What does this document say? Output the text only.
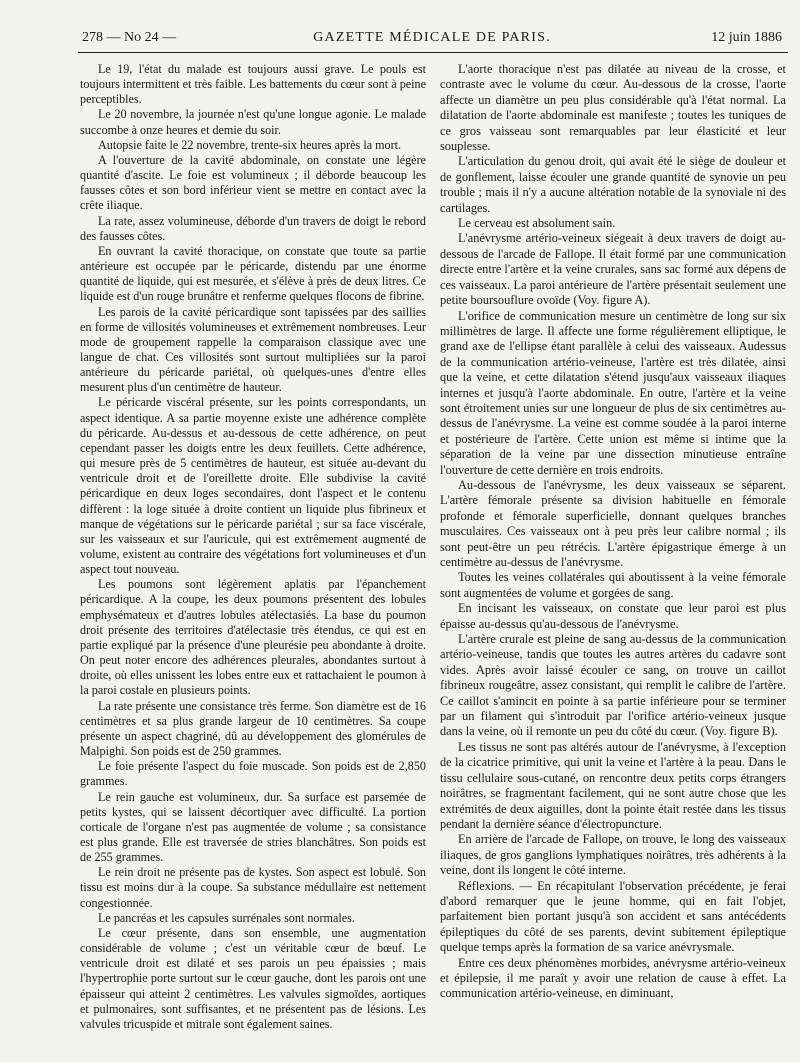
278 — No 24 —	GAZETTE MÉDICALE DE PARIS.	12 juin 1886

Le 19, l'état du malade est toujours aussi grave. Le pouls est toujours intermittent et très faible. Les battements du cœur sont à peine perceptibles.

Le 20 novembre, la journée n'est qu'une longue agonie. Le malade succombe à onze heures et demie du soir.

Autopsie faite le 22 novembre, trente-six heures après la mort.

A l'ouverture de la cavité abdominale, on constate une légère quantité d'ascite. Le foie est volumineux ; il déborde beaucoup les fausses côtes et son bord inférieur vient se mettre en contact avec la crête iliaque.

La rate, assez volumineuse, déborde d'un travers de doigt le rebord des fausses côtes.

En ouvrant la cavité thoracique, on constate que toute sa partie antérieure est occupée par le péricarde, distendu par une énorme quantité de liquide, qui est mesurée, et s'élève à près de deux litres. Ce liquide est d'un rouge brunâtre et renferme quelques flocons de fibrine.

Les parois de la cavité péricardique sont tapissées par des saillies en forme de villosités volumineuses et extrêmement nombreuses. Leur mode de groupement rappelle la comparaison classique avec une langue de chat. Ces villosités sont surtout multipliées sur la paroi antérieure du péricarde pariétal, où quelques-unes d'entre elles mesurent plus d'un centimètre de hauteur.

Le péricarde viscéral présente, sur les points correspondants, un aspect identique. A sa partie moyenne existe une adhérence complète du péricarde. Au-dessus et au-dessous de cette adhérence, on peut cependant passer les doigts entre les deux feuillets. Cette adhérence, qui mesure près de 5 centimètres de hauteur, est située au-devant du ventricule droit et de l'oreillette droite. Elle subdivise la cavité péricardique en deux loges secondaires, dont l'aspect et le contenu diffèrent : la loge située à droite contient un liquide plus fibrineux et manque de végétations sur le péricarde pariétal ; sur sa face viscérale, sur les vaisseaux et sur l'auricule, qui est extrêmement augmenté de volume, existent au contraire des végétations fort volumineuses et d'un aspect tout nouveau.

Les poumons sont légèrement aplatis par l'épanchement péricardique. A la coupe, les deux poumons présentent des lobules emphysémateux et d'autres lobules atélectasiés. La base du poumon droit présente des territoires d'atélectasie très étendus, ce qui est en partie expliqué par la présence d'une pleurésie peu abondante à droite. On peut noter encore des adhérences pleurales, abondantes surtout à droite, où elles unissent les lobes entre eux et rattachaient le poumon à la paroi costale en plusieurs points.

La rate présente une consistance très ferme. Son diamètre est de 16 centimètres et sa plus grande largeur de 10 centimètres. Sa coupe présente un aspect chagriné, dû au développement des glomérules de Malpighi. Son poids est de 250 grammes.

Le foie présente l'aspect du foie muscade. Son poids est de 2,850 grammes.

Le rein gauche est volumineux, dur. Sa surface est parsemée de petits kystes, qui se laissent décortiquer avec difficulté. La portion corticale de l'organe n'est pas augmentée de volume ; sa consistance est plus grande. Elle est traversée de stries blanchâtres. Son poids est de 255 grammes.

Le rein droit ne présente pas de kystes. Son aspect est lobulé. Son tissu est moins dur à la coupe. Sa substance médullaire est nettement congestionnée.

Le pancréas et les capsules surrénales sont normales.

Le cœur présente, dans son ensemble, une augmentation considérable de volume ; c'est un véritable cœur de bœuf. Le ventricule droit est dilaté et ses parois un peu épaissies ; mais l'hypertrophie porte surtout sur le cœur gauche, dont les parois ont une épaisseur qui atteint 2 centimètres. Les valvules sigmoïdes, aortiques et pulmonaires, sont suffisantes, et ne présentent pas de lésions. Les valvules tricuspide et mitrale sont également saines.

L'aorte thoracique n'est pas dilatée au niveau de la crosse, et contraste avec le volume du cœur. Au-dessous de la crosse, l'aorte affecte un diamètre un peu plus considérable qu'à l'état normal. La dilatation de l'aorte abdominale est manifeste ; toutes les tuniques de ce gros vaisseau sont remarquables par leur élasticité et leur souplesse.

L'articulation du genou droit, qui avait été le siège de douleur et de gonflement, laisse écouler une grande quantité de synovie un peu trouble ; mais il n'y a aucune altération notable de la synoviale ni des cartilages.

Le cerveau est absolument sain.

L'anévrysme artério-veineux siégeait à deux travers de doigt au-dessous de l'arcade de Fallope. Il était formé par une communication directe entre l'artère et la veine crurales, sans sac formé aux dépens de ces vaisseaux. La paroi antérieure de l'artère présentait seulement une petite boursouflure ovoïde (Voy. figure A).

L'orifice de communication mesure un centimètre de long sur six millimètres de large. Il affecte une forme régulièrement elliptique, le grand axe de l'ellipse étant parallèle à celui des vaisseaux. Audessus de la communication artério-veineuse, l'artère est très dilatée, ainsi que la veine, et cette dilatation s'étend jusqu'aux vaisseaux iliaques internes et jusqu'à l'aorte abdominale. En outre, l'artère et la veine sont étroitement unies sur une longueur de plus de six centimètres au-dessus de l'anévrysme. La veine est comme soudée à la paroi interne et postérieure de l'artère. Cette union est même si intime que la séparation de la veine par une dissection minutieuse entraîne l'ouverture de cette dernière en trois endroits.

Au-dessous de l'anévrysme, les deux vaisseaux se séparent. L'artère fémorale présente sa division habituelle en fémorale profonde et fémorale superficielle, donnant quelques branches musculaires. Ces vaisseaux ont à peu près leur calibre normal ; ils sont peut-être un peu rétrécis. L'artère épigastrique émerge à un centimètre au-dessus de l'anévrysme.

Toutes les veines collatérales qui aboutissent à la veine fémorale sont augmentées de volume et gorgées de sang.

En incisant les vaisseaux, on constate que leur paroi est plus épaisse au-dessus qu'au-dessous de l'anévrysme.

L'artère crurale est pleine de sang au-dessus de la communication artério-veineuse, tandis que toutes les autres artères du cadavre sont vides. Après avoir laissé écouler ce sang, on trouve un caillot fibrineux rougeâtre, assez consistant, qui remplit le calibre de l'artère. Ce caillot s'amincit en pointe à sa partie inférieure pour se terminer par un filament qui s'introduit par l'orifice artério-veineux jusque dans la veine, où il remonte un peu du côté du cœur. (Voy. figure B).

Les tissus ne sont pas altérés autour de l'anévrysme, à l'exception de la cicatrice primitive, qui unit la veine et l'artère à la peau. Dans le tissu cellulaire sous-cutané, on rencontre deux petits corps étrangers noirâtres, se fragmentant facilement, qui ne sont autre chose que les extrémités de deux aiguilles, dont la pointe était restée dans les tissus pendant la dernière séance d'électropuncture.

En arrière de l'arcade de Fallope, on trouve, le long des vaisseaux iliaques, de gros ganglions lymphatiques noirâtres, très adhérents à la veine, dont ils longent le côté interne.

Réflexions. — En récapitulant l'observation précédente, je ferai d'abord remarquer que le jeune homme, qui en fait l'objet, parfaitement bien portant jusqu'à son accident et sans antécédents épileptiques du côté de ses parents, devint subitement épileptique quelque temps après la formation de sa varice anévrysmale.

Entre ces deux phénomènes morbides, anévrysme artério-veineux et épilepsie, il me paraît y avoir une relation de cause à effet. La communication artério-veineuse, en diminuant,
